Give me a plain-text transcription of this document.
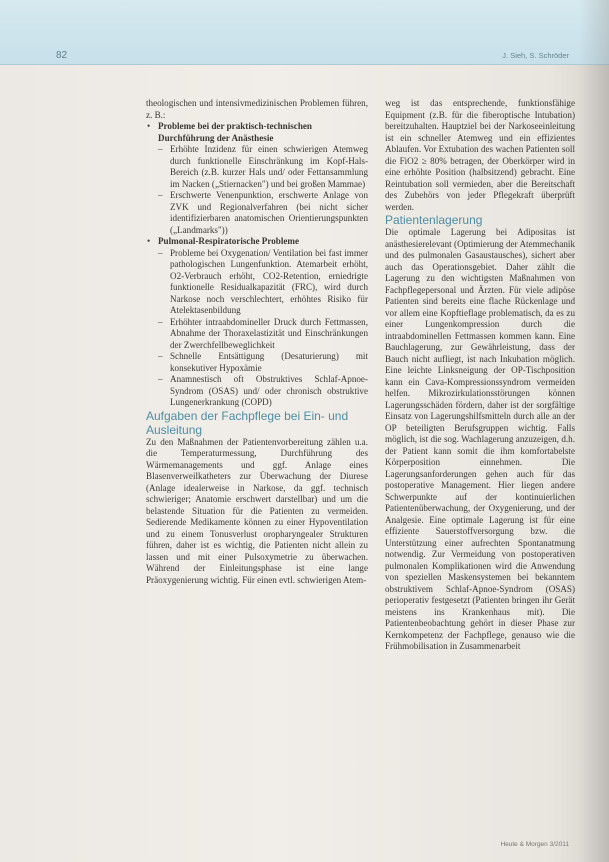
82	J. Sieh, S. Schröder

theologischen und intensivmedizinischen Problemen führen, z. B.:

• Probleme bei der praktisch-technischen Durchführung der Anästhesie
– Erhöhte Inzidenz für einen schwierigen Atemweg durch funktionelle Einschränkung im Kopf-Hals-Bereich (z.B. kurzer Hals und/ oder Fettansammlung im Nacken („Stiernacken") und bei großen Mammae)
– Erschwerte Venenpunktion, erschwerte Anlage von ZVK und Regionalverfahren (bei nicht sicher identifizierbaren anatomischen Orientierungspunkten („Landmarks"))
• Pulmonal-Respiratorische Probleme
– Probleme bei Oxygenation/ Ventilation bei fast immer pathologischen Lungenfunktion. Atemarbeit erhöht, O2-Verbrauch erhöht, CO2-Retention, erniedrigte funktionelle Residualkapazität (FRC), wird durch Narkose noch verschlechtert, erhöhtes Risiko für Atelektasenbildung
– Erhöhter intraabdomineller Druck durch Fettmassen, Abnahme der Thoraxelastizität und Einschränkungen der Zwerchfellbeweglichkeit
– Schnelle Entsättigung (Desaturierung) mit konsekutiver Hypoxämie
– Anamnestisch oft Obstruktives Schlaf-Apnoe-Syndrom (OSAS) und/ oder chronisch obstruktive Lungenerkrankung (COPD)
Aufgaben der Fachpflege bei Ein- und Ausleitung

Zu den Maßnahmen der Patientenvorbereitung zählen u.a. die Temperaturmessung, Durchführung des Wärmemanagements und ggf. Anlage eines Blasenverweilkatheters zur Überwachung der Diurese (Anlage idealerweise in Narkose, da ggf. technisch schwieriger; Anatomie erschwert darstellbar) und um die belastende Situation für die Patienten zu vermeiden. Sedierende Medikamente können zu einer Hypoventilation und zu einem Tonusverlust oropharyngealer Strukturen führen, daher ist es wichtig, die Patienten nicht allein zu lassen und mit einer Pulsoxymetrie zu überwachen. Während der Einleitungsphase ist eine lange Präoxygenierung wichtig. Für einen evtl. schwierigen Atem-

weg ist das entsprechende, funktionsfähige Equipment (z.B. für die fiberoptische Intubation) bereitzuhalten. Hauptziel bei der Narkoseeinleitung ist ein schneller Atemweg und ein effizientes Ablaufen. Vor Extubation des wachen Patienten soll die FiO2 ≥ 80% betragen, der Oberkörper wird in eine erhöhte Position (halbsitzend) gebracht. Eine Reintubation soll vermieden, aber die Bereitschaft des Zubehörs von jeder Pflegekraft überprüft werden.

Patientenlagerung

Die optimale Lagerung bei Adipositas ist anästhesierelevant (Optimierung der Atemmechanik und des pulmonalen Gasaustausches), sichert aber auch das Operationsgebiet. Daher zählt die Lagerung zu den wichtigsten Maßnahmen von Fachpflegepersonal und Ärzten. Für viele adipöse Patienten sind bereits eine flache Rückenlage und vor allem eine Kopftieflage problematisch, da es zu einer Lungenkompression durch die intraabdominellen Fettmassen kommen kann. Eine Bauchlagerung, zur Gewährleistung, dass der Bauch nicht aufliegt, ist nach Inkubation möglich. Eine leichte Linksneigung der OP-Tischposition kann ein Cava-Kompressionssyndrom vermeiden helfen. Mikrozirkulationsstörungen können Lagerungsschäden fördern, daher ist der sorgfältige Einsatz von Lagerungshilfsmitteln durch alle an der OP beteiligten Berufsgruppen wichtig. Falls möglich, ist die sog. Wachlagerung anzuzeigen, d.h. der Patient kann somit die ihm komfortabelste Körperposition einnehmen. Die Lagerungsanforderungen gehen auch für das postoperative Management. Hier liegen andere Schwerpunkte auf der kontinuierlichen Patientenüberwachung, der Oxygenierung, und der Analgesie. Eine optimale Lagerung ist für eine effiziente Sauerstoffversorgung bzw. die Unterstützung einer aufrechten Spontanatmung notwendig. Zur Vermeidung von postoperativen pulmonalen Komplikationen wird die Anwendung von speziellen Maskensystemen bei bekanntem obstruktivem Schlaf-Apnoe-Syndrom (OSAS) perioperativ festgesetzt (Patienten bringen ihr Gerät meistens ins Krankenhaus mit). Die Patientenbeobachtung gehört in dieser Phase zur Kernkompetenz der Fachpflege, genauso wie die Frühmobilisation in Zusammenarbeit

Heute & Morgen 3/2011
